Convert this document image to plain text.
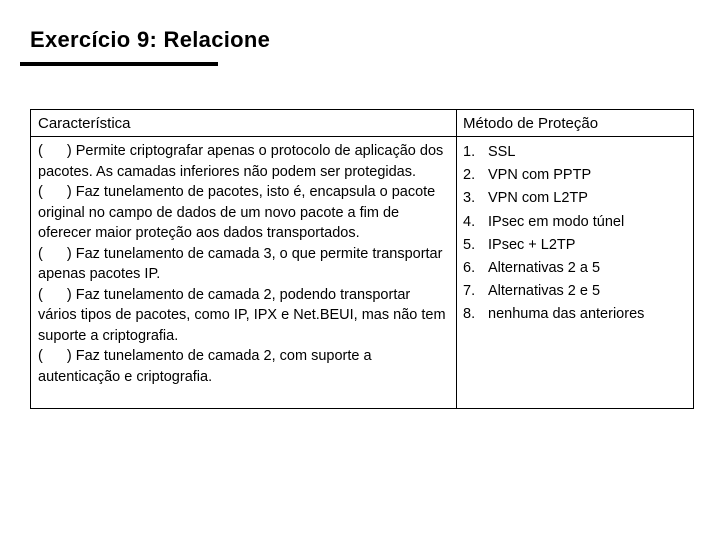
Exercício 9: Relacione
Característica	Método de Proteção

( ) Permite criptografar apenas o protocolo de aplicação dos pacotes. As camadas inferiores não podem ser protegidas.

( ) Faz tunelamento de pacotes, isto é, encapsula o pacote original no campo de dados de um novo pacote a fim de oferecer maior proteção aos dados transportados.

( ) Faz tunelamento de camada 3, o que permite transportar apenas pacotes IP.

( ) Faz tunelamento de camada 2, podendo transportar vários tipos de pacotes, como IP, IPX e Net.BEUI, mas não tem suporte a criptografia.

( ) Faz tunelamento de camada 2, com suporte a autenticação e criptografia.

1. SSL
2. VPN com PPTP
3. VPN com L2TP
4. IPsec em modo túnel
5. IPsec + L2TP
6. Alternativas 2 a 5
7. Alternativas 2 e 5
8. nenhuma das anteriores
